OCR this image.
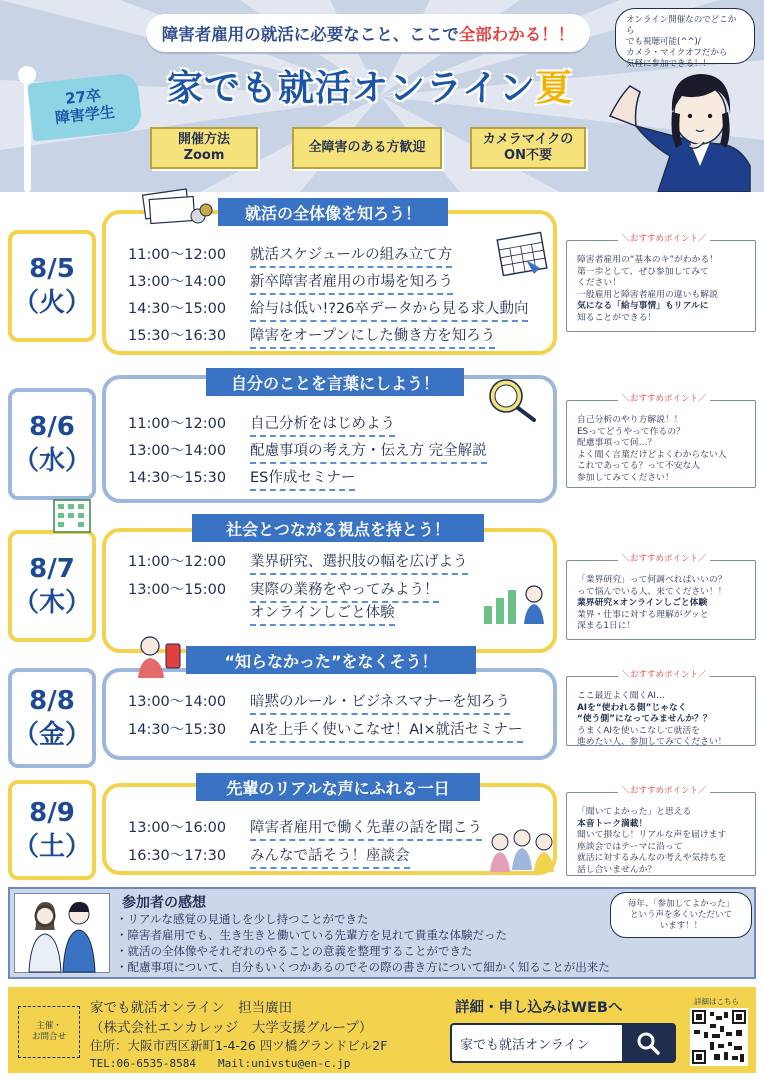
障害者雇用の就活に必要なこと、ここで全部わかる！！
家でも就活オンライン夏
27卒
障害学生
開催方法
Zoom
全障害のある方歓迎
カメラマイクの
ON不要
オンライン開催なのでどこから
でも視聴可能(^^)/
カメラ・マイクオフだから
気軽に参加できる！！
8/5
（火）
就活の全体像を知ろう！
11:00〜12:00	就活スケジュールの組み立て方
13:00〜14:00	新卒障害者雇用の市場を知ろう
14:30〜15:00	給与は低い!?26卒データから見る求人動向
15:30〜16:30	障害をオープンにした働き方を知ろう
障害者雇用の“基本のキ”がわかる！
第一歩として、ぜひ参加してみて
ください！
一般雇用と障害者雇用の違いも解説
気になる「給与事情」もリアルに
知ることができる！
＼おすすめポイント／
8/6
（水）
自分のことを言葉にしよう！
11:00〜12:00	自己分析をはじめよう
13:00〜14:00	配慮事項の考え方・伝え方 完全解説
14:30〜15:30	ES作成セミナー
自己分析のやり方解説！！
ESってどうやって作るの？
配慮事項って何…？
よく聞く言葉だけどよくわからない人
これであってる？って不安な人
参加してみてください！
＼おすすめポイント／
8/7
（木）
社会とつながる視点を持とう！
11:00〜12:00	業界研究、選択肢の幅を広げよう
13:00〜15:00	実際の業務をやってみよう！
オンラインしごと体験
「業界研究」って何調べればいいの？
って悩んでいる人、来てください！！
業界研究×オンラインしごと体験
業界・仕事に対する理解がグッと
深まる1日に！
＼おすすめポイント／
8/8
（金）
“知らなかった”をなくそう！
13:00〜14:00	暗黙のルール・ビジネスマナーを知ろう
14:30〜15:30	AIを上手く使いこなせ！AI×就活セミナー
ここ最近よく聞くAI…
AIを“使われる側”じゃなく
“使う側”になってみませんか？？
うまくAIを使いこなして就活を
進めたい人、参加してみてください！
＼おすすめポイント／
8/9
（土）
先輩のリアルな声にふれる一日
13:00〜16:00	障害者雇用で働く先輩の話を聞こう
16:30〜17:30	みんなで話そう！座談会
「聞いてよかった」と思える
本音トーク満載！
聞いて損なし！リアルな声を届けます
座談会ではテーマに沿って
就活に対するみんなの考えや気持ちを
話し合いませんか？
＼おすすめポイント／
参加者の感想
・リアルな感覚の見通しを少し持つことができた
・障害者雇用でも、生き生きと働いている先輩方を見れて貴重な体験だった
・就活の全体像やそれぞれのやることの意義を整理することができた
・配慮事項について、自分もいくつかあるのでその際の書き方について細かく知ることが出来た
毎年、「参加してよかった」
という声を多くいただいて
います！！
主催・
お問合せ
家でも就活オンライン　担当廣田
（株式会社エンカレッジ　大学支援グループ）
住所：大阪市西区新町1-4-26 四ツ橋グランドビル2F
TEL:06-6535-8584　　Mail:univstu@en-c.jp
詳細・申し込みはWEBへ
家でも就活オンライン
詳細はこちら
